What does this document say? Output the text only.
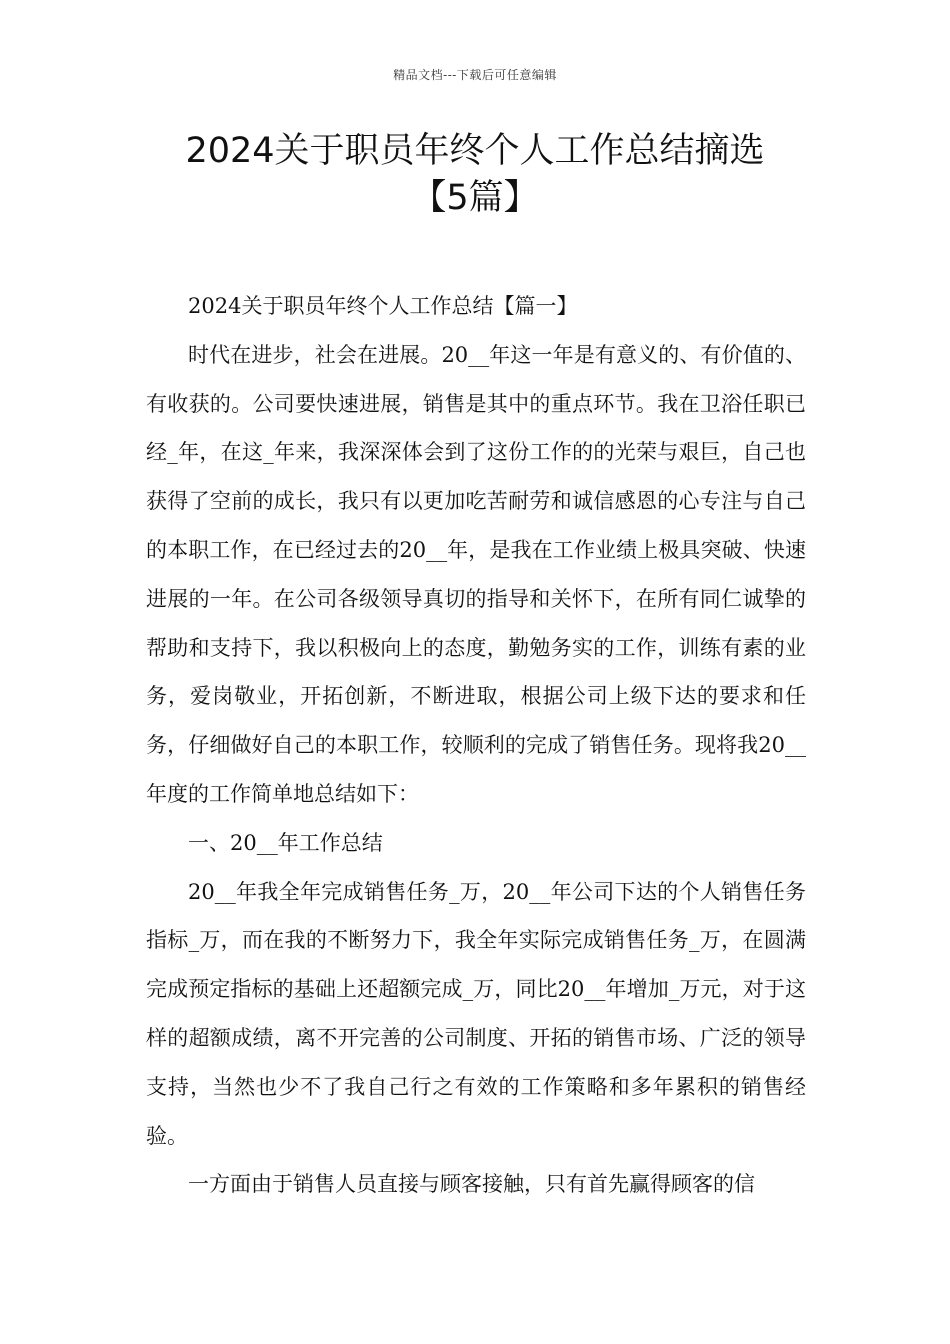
精品文档---下载后可任意编辑
2024关于职员年终个人工作总结摘选
【5篇】

2024关于职员年终个人工作总结【篇一】

时代在进步，社会在进展。20__年这一年是有意义的、有价值的、有收获的。公司要快速进展，销售是其中的重点环节。我在卫浴任职已经_年，在这_年来，我深深体会到了这份工作的的光荣与艰巨，自己也获得了空前的成长，我只有以更加吃苦耐劳和诚信感恩的心专注与自己的本职工作，在已经过去的20__年，是我在工作业绩上极具突破、快速进展的一年。在公司各级领导真切的指导和关怀下，在所有同仁诚挚的帮助和支持下，我以积极向上的态度，勤勉务实的工作，训练有素的业务，爱岗敬业，开拓创新，不断进取，根据公司上级下达的要求和任务，仔细做好自己的本职工作，较顺利的完成了销售任务。现将我20__年度的工作简单地总结如下：

一、20__年工作总结

20__年我全年完成销售任务_万，20__年公司下达的个人销售任务指标_万，而在我的不断努力下，我全年实际完成销售任务_万，在圆满完成预定指标的基础上还超额完成_万，同比20__年增加_万元，对于这样的超额成绩，离不开完善的公司制度、开拓的销售市场、广泛的领导支持，当然也少不了我自己行之有效的工作策略和多年累积的销售经验。

一方面由于销售人员直接与顾客接触，只有首先赢得顾客的信
